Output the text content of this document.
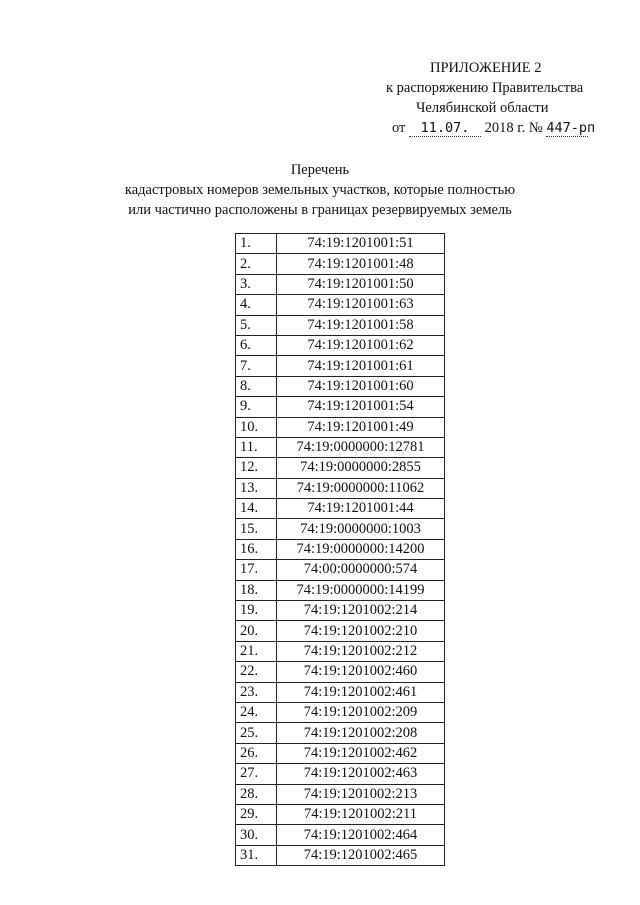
ПРИЛОЖЕНИЕ 2
к распоряжению Правительства
Челябинской области
от 11.07. 2018 г. № 447-рп
Перечень
кадастровых номеров земельных участков, которые полностью
или частично расположены в границах резервируемых земель
1.	74:19:1201001:51
2.	74:19:1201001:48
3.	74:19:1201001:50
4.	74:19:1201001:63
5.	74:19:1201001:58
6.	74:19:1201001:62
7.	74:19:1201001:61
8.	74:19:1201001:60
9.	74:19:1201001:54
10.	74:19:1201001:49
11.	74:19:0000000:12781
12.	74:19:0000000:2855
13.	74:19:0000000:11062
14.	74:19:1201001:44
15.	74:19:0000000:1003
16.	74:19:0000000:14200
17.	74:00:0000000:574
18.	74:19:0000000:14199
19.	74:19:1201002:214
20.	74:19:1201002:210
21.	74:19:1201002:212
22.	74:19:1201002:460
23.	74:19:1201002:461
24.	74:19:1201002:209
25.	74:19:1201002:208
26.	74:19:1201002:462
27.	74:19:1201002:463
28.	74:19:1201002:213
29.	74:19:1201002:211
30.	74:19:1201002:464
31.	74:19:1201002:465
